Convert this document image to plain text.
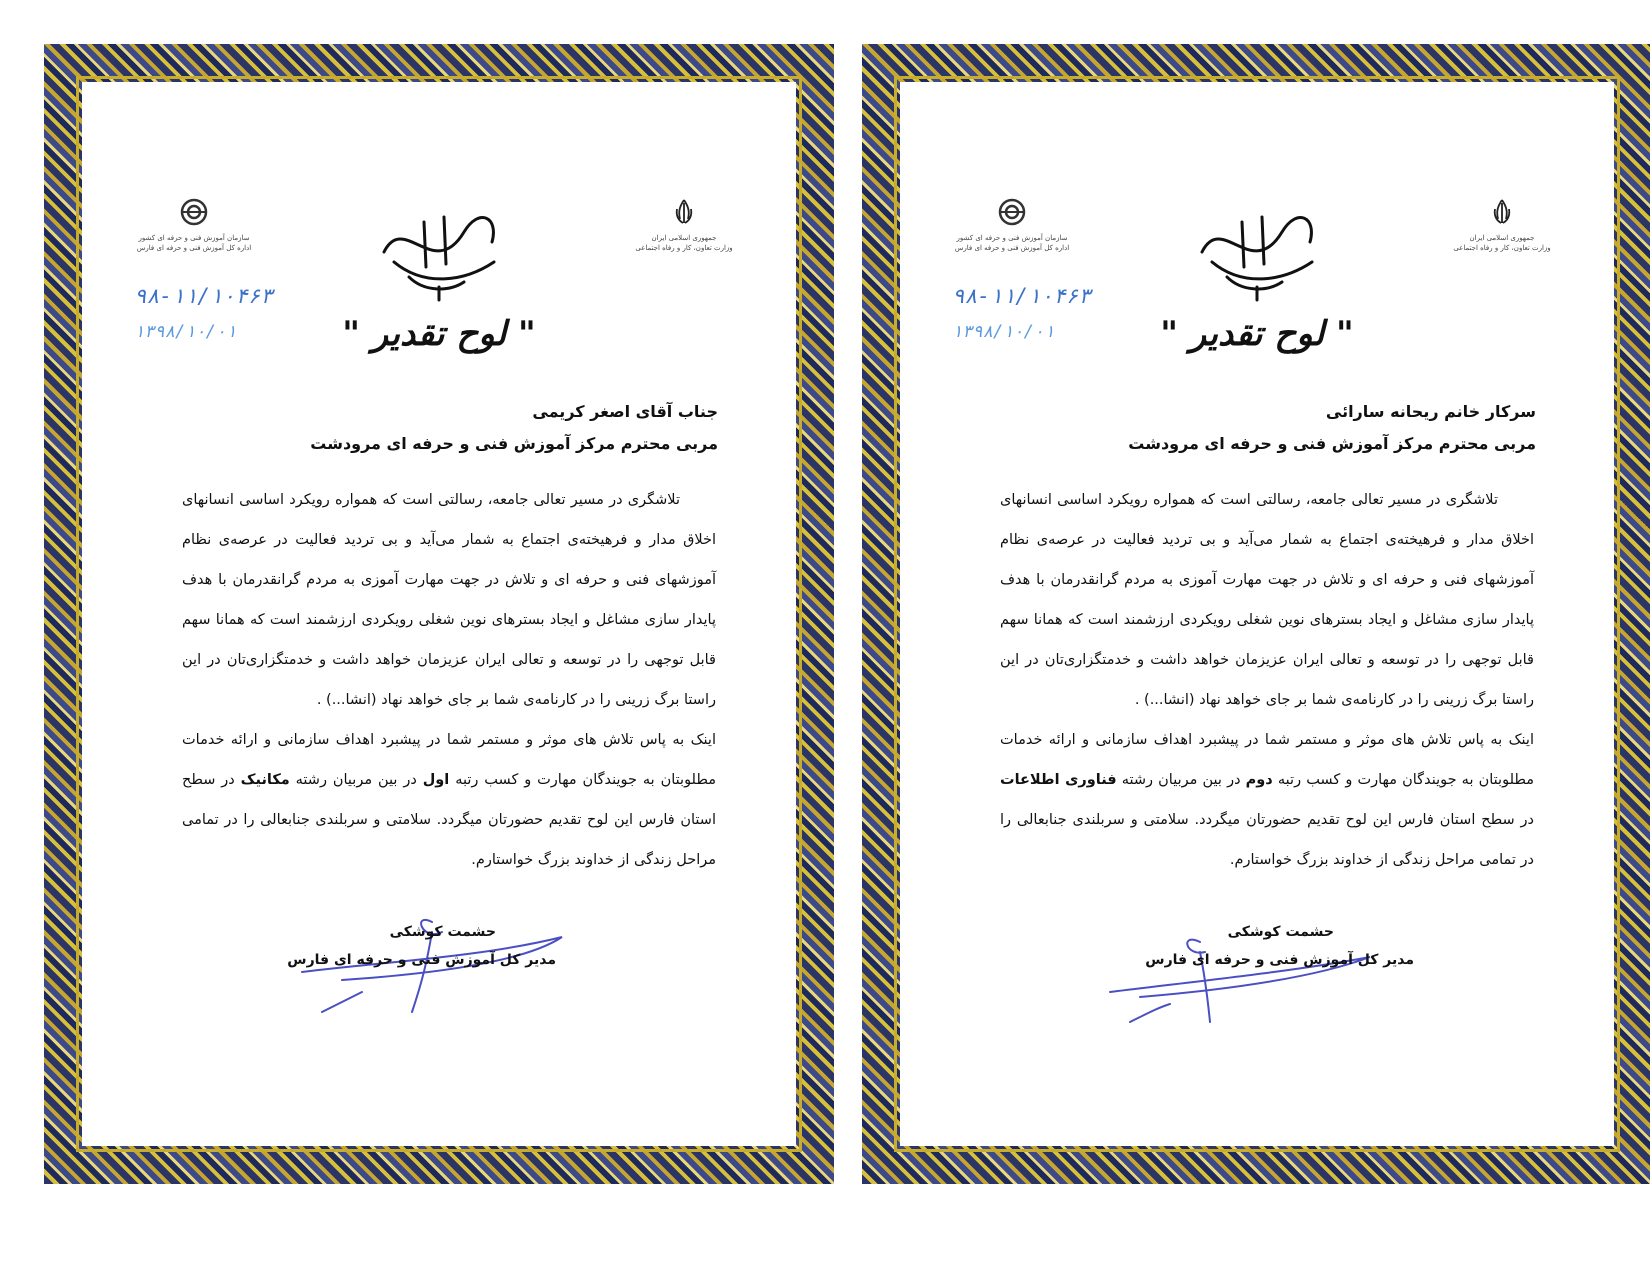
جمهوری اسلامی ایران
وزارت تعاون، کار و رفاه اجتماعی
سازمان آموزش فنی و حرفه ای کشور
اداره کل آموزش فنی و حرفه ای فارس
۹۸-۱۱/۱۰۴۶۳
۱۳۹۸/۱۰/۰۱	" لوح تقدیر "
جناب آقای اصغر کریمی
مربی محترم مرکز آموزش فنی و حرفه ای مرودشت

تلاشگری در مسیر تعالی جامعه، رسالتی است که همواره رویکرد اساسی انسانهای اخلاق مدار و فرهیخته‌ی اجتماع به شمار می‌آید و بی تردید فعالیت در عرصه‌ی نظام آموزشهای فنی و حرفه ای و تلاش در جهت مهارت آموزی به مردم گرانقدرمان با هدف پایدار سازی مشاغل و ایجاد بسترهای نوین شغلی رویکردی ارزشمند است که همانا سهم قابل توجهی را در توسعه و تعالی ایران عزیزمان خواهد داشت و خدمتگزاری‌تان در این راستا برگ زرینی را در کارنامه‌ی شما بر جای خواهد نهاد (انشا...) .

اینک به پاس تلاش های موثر و مستمر شما در پیشبرد اهداف سازمانی و ارائه خدمات مطلوبتان به جویندگان مهارت و کسب رتبه اول در بین مربیان رشته مکانیک در سطح استان فارس این لوح تقدیم حضورتان میگردد. سلامتی و سربلندی جنابعالی را در تمامی مراحل زندگی از خداوند بزرگ خواستارم.

حشمت کوشکی
مدیر کل آموزش فنی و حرفه ای فارس
جمهوری اسلامی ایران
وزارت تعاون، کار و رفاه اجتماعی
سازمان آموزش فنی و حرفه ای کشور
اداره کل آموزش فنی و حرفه ای فارس
۹۸-۱۱/۱۰۴۶۳
۱۳۹۸/۱۰/۰۱	" لوح تقدیر "
سرکار خانم ریحانه سارائی
مربی محترم مرکز آموزش فنی و حرفه ای مرودشت

تلاشگری در مسیر تعالی جامعه، رسالتی است که همواره رویکرد اساسی انسانهای اخلاق مدار و فرهیخته‌ی اجتماع به شمار می‌آید و بی تردید فعالیت در عرصه‌ی نظام آموزشهای فنی و حرفه ای و تلاش در جهت مهارت آموزی به مردم گرانقدرمان با هدف پایدار سازی مشاغل و ایجاد بسترهای نوین شغلی رویکردی ارزشمند است که همانا سهم قابل توجهی را در توسعه و تعالی ایران عزیزمان خواهد داشت و خدمتگزاری‌تان در این راستا برگ زرینی را در کارنامه‌ی شما بر جای خواهد نهاد (انشا...) .

اینک به پاس تلاش های موثر و مستمر شما در پیشبرد اهداف سازمانی و ارائه خدمات مطلوبتان به جویندگان مهارت و کسب رتبه دوم در بین مربیان رشته فناوری اطلاعات در سطح استان فارس این لوح تقدیم حضورتان میگردد. سلامتی و سربلندی جنابعالی را در تمامی مراحل زندگی از خداوند بزرگ خواستارم.

حشمت کوشکی
مدیر کل آموزش فنی و حرفه ای فارس
